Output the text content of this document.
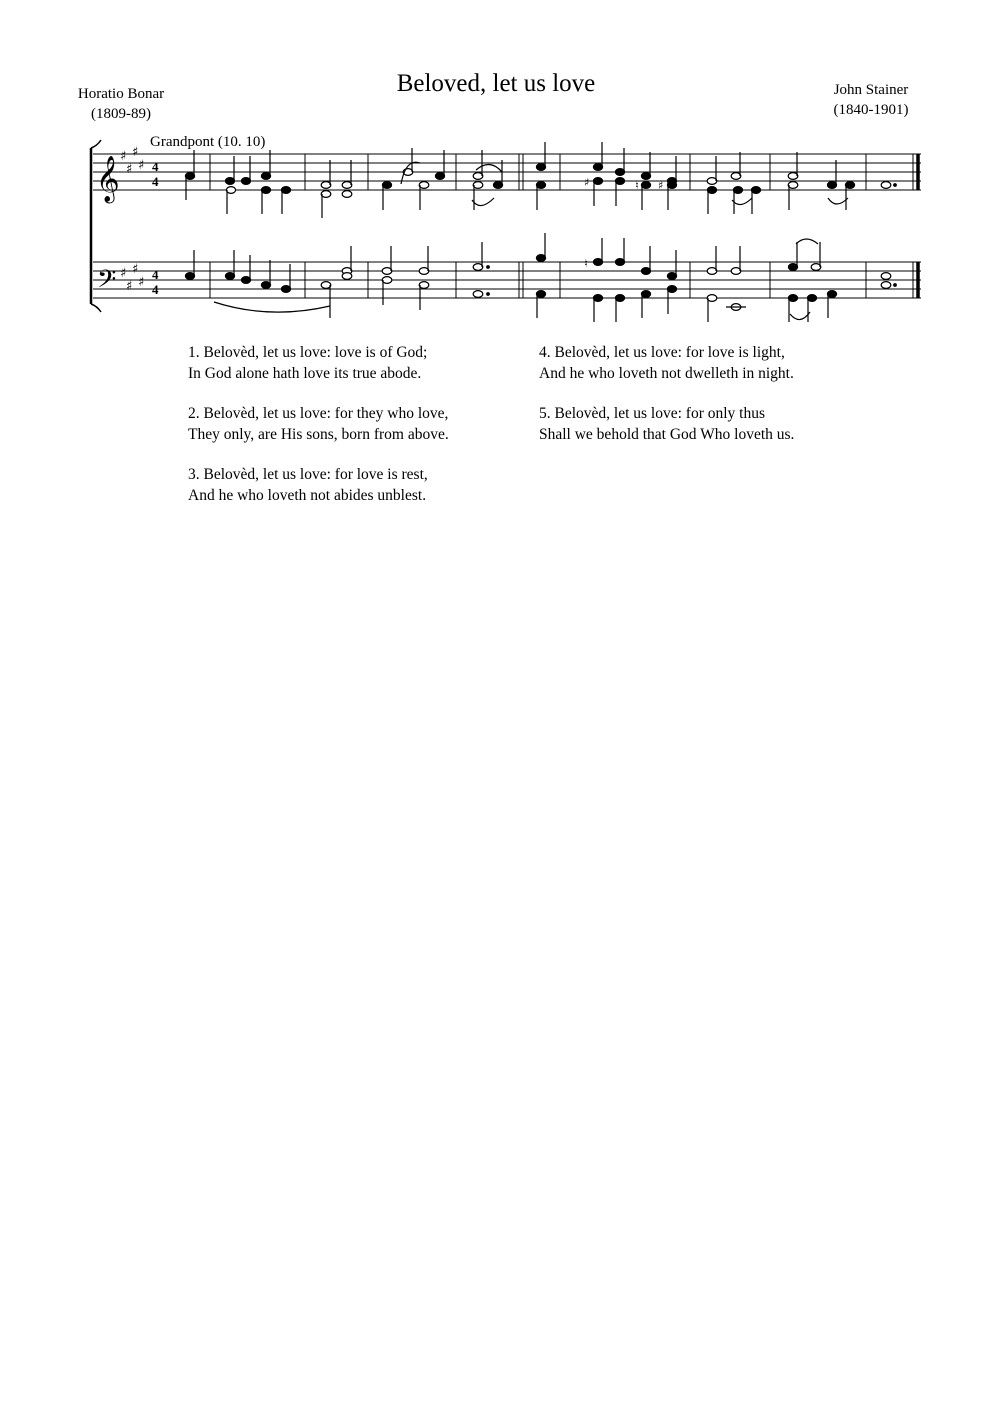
Beloved, let us love
Horatio Bonar
(1809-89)
John Stainer
(1840-1901)
Grandpont (10. 10)
𝄞
𝄢
♯
♯
♯
♯
♯
♯
♯
♯
4
4
4
4
♯	♯
♮
♮
1. Belovèd, let us love: love is of God;
In God alone hath love its true abode.
2. Belovèd, let us love: for they who love,
They only, are His sons, born from above.
3. Belovèd, let us love: for love is rest,
And he who loveth not abides unblest.
4. Belovèd, let us love: for love is light,
And he who loveth not dwelleth in night.
5. Belovèd, let us love: for only thus
Shall we behold that God Who loveth us.
